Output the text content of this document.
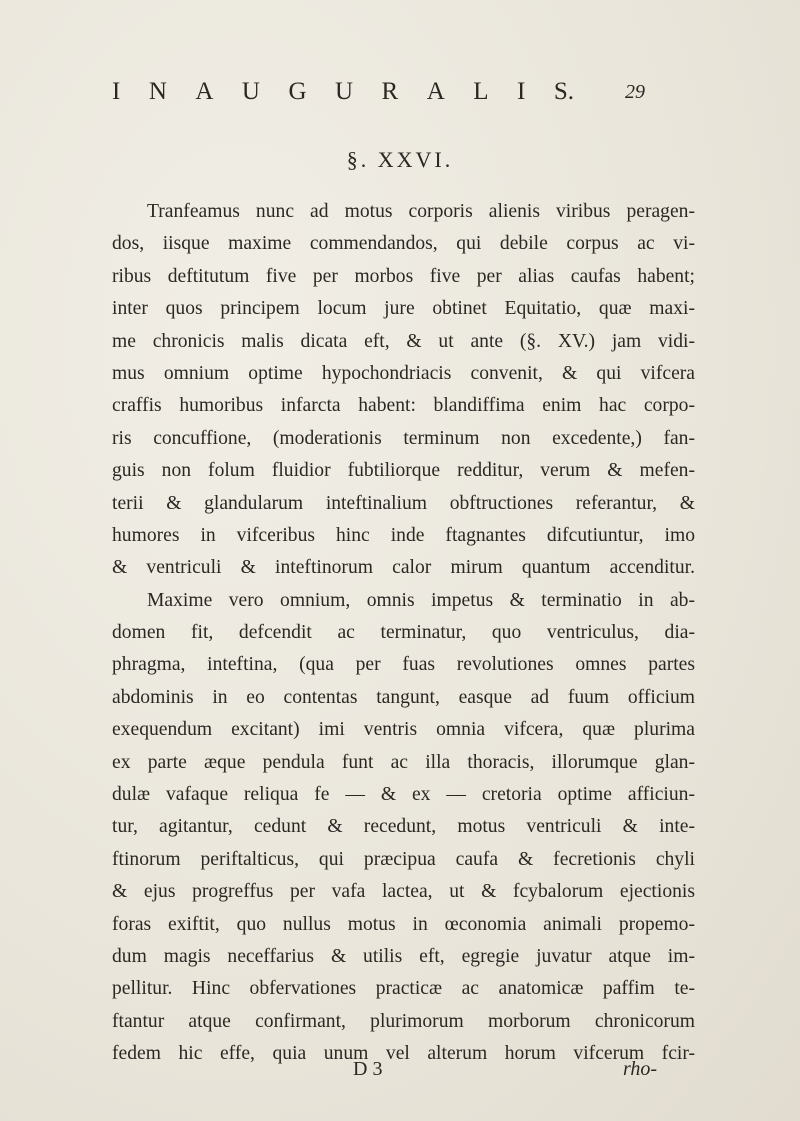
I N A U G U R A L I S.	29
§. XXVI.
Tranfeamus nunc ad motus corporis alienis viribus peragen-
dos, iisque maxime commendandos, qui debile corpus ac vi-
ribus deftitutum five per morbos five per alias caufas habent;
inter quos principem locum jure obtinet Equitatio, quæ maxi-
me chronicis malis dicata eft, & ut ante (§. XV.) jam vidi-
mus omnium optime hypochondriacis convenit, & qui vifcera
craffis humoribus infarcta habent: blandiffima enim hac corpo-
ris concuffione, (moderationis terminum non excedente,) fan-
guis non folum fluidior fubtiliorque redditur, verum & mefen-
terii & glandularum inteftinalium obftructiones referantur, &
humores in vifceribus hinc inde ftagnantes difcutiuntur, imo
& ventriculi & inteftinorum calor mirum quantum accenditur.
Maxime vero omnium, omnis impetus & terminatio in ab-
domen fit, defcendit ac terminatur, quo ventriculus, dia-
phragma, inteftina, (qua per fuas revolutiones omnes partes
abdominis in eo contentas tangunt, easque ad fuum officium
exequendum excitant) imi ventris omnia vifcera, quæ plurima
ex parte æque pendula funt ac illa thoracis, illorumque glan-
dulæ vafaque reliqua fe — & ex — cretoria optime afficiun-
tur, agitantur, cedunt & recedunt, motus ventriculi & inte-
ftinorum periftalticus, qui præcipua caufa & fecretionis chyli
& ejus progreffus per vafa lactea, ut & fcybalorum ejectionis
foras exiftit, quo nullus motus in œconomia animali propemo-
dum magis neceffarius & utilis eft, egregie juvatur atque im-
pellitur. Hinc obfervationes practicæ ac anatomicæ paffim te-
ftantur atque confirmant, plurimorum morborum chronicorum
fedem hic effe, quia unum vel alterum horum vifcerum fcir-
D 3	rho-
